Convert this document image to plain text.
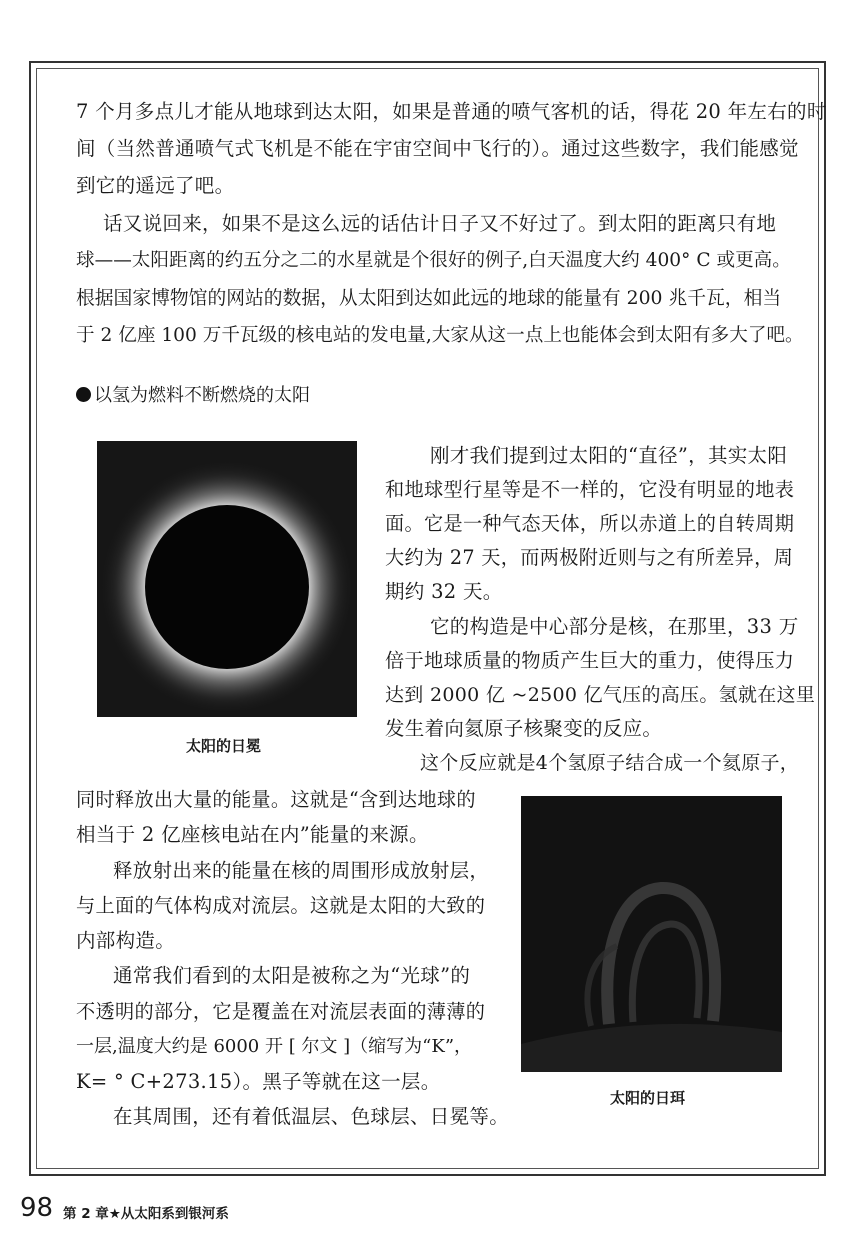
7 个月多点儿才能从地球到达太阳，如果是普通的喷气客机的话，得花 20 年左右的时
间（当然普通喷气式飞机是不能在宇宙空间中飞行的）。通过这些数字，我们能感觉
到它的遥远了吧。
话又说回来，如果不是这么远的话估计日子又不好过了。到太阳的距离只有地
球——太阳距离的约五分之二的水星就是个很好的例子,白天温度大约 400° C 或更高。
根据国家博物馆的网站的数据，从太阳到达如此远的地球的能量有 200 兆千瓦，相当
于 2 亿座 100 万千瓦级的核电站的发电量,大家从这一点上也能体会到太阳有多大了吧。
以氢为燃料不断燃烧的太阳
太阳的日冕
刚才我们提到过太阳的“直径”，其实太阳
和地球型行星等是不一样的，它没有明显的地表
面。它是一种气态天体，所以赤道上的自转周期
大约为 27 天，而两极附近则与之有所差异，周
期约 32 天。
它的构造是中心部分是核，在那里，33 万
倍于地球质量的物质产生巨大的重力，使得压力
达到 2000 亿 ~2500 亿气压的高压。氢就在这里
发生着向氦原子核聚变的反应。
这个反应就是4个氢原子结合成一个氦原子，
同时释放出大量的能量。这就是“含到达地球的
相当于 2 亿座核电站在内”能量的来源。
释放射出来的能量在核的周围形成放射层，
与上面的气体构成对流层。这就是太阳的大致的
内部构造。
通常我们看到的太阳是被称之为“光球”的
不透明的部分，它是覆盖在对流层表面的薄薄的
一层,温度大约是 6000 开 [ 尔文 ]（缩写为“K”，
K= ° C+273.15）。黑子等就在这一层。
在其周围，还有着低温层、色球层、日冕等。
太阳的日珥
98 第 2 章★从太阳系到银河系
